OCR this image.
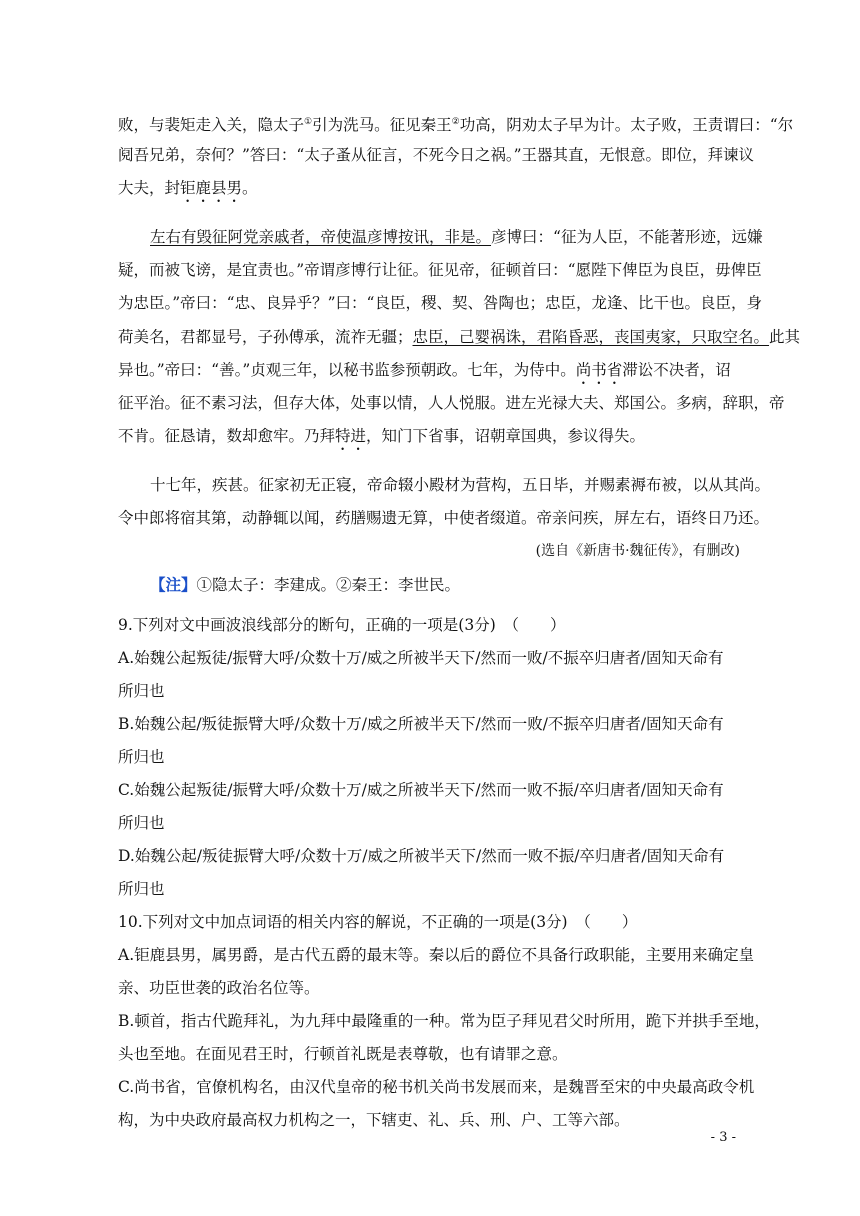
败，与裴矩走入关，隐太子①引为洗马。征见秦王②功高，阴劝太子早为计。太子败，王责谓曰：“尔
阋吾兄弟，奈何？”答曰：“太子蚤从征言，不死今日之祸。”王器其直，无恨意。即位，拜谏议
大夫，封钜鹿县男。
左右有毁征阿党亲戚者，帝使温彦博按讯，非是。彦博曰：“征为人臣，不能著形迹，远嫌
疑，而被飞谤，是宜责也。”帝谓彦博行让征。征见帝，征顿首曰：“愿陛下俾臣为良臣，毋俾臣
为忠臣。”帝曰：“忠、良异乎？”曰：“良臣，稷、契、咎陶也；忠臣，龙逢、比干也。良臣，身
荷美名，君都显号，子孙傅承，流祚无疆；忠臣，己婴祸诛，君陷昏恶，丧国夷家，只取空名。此其
异也。”帝曰：“善。”贞观三年，以秘书监参预朝政。七年，为侍中。尚书省滞讼不决者，诏
征平治。征不素习法，但存大体，处事以情，人人悦服。进左光禄大夫、郑国公。多病，辞职，帝
不肯。征恳请，数却愈牢。乃拜特进，知门下省事，诏朝章国典，参议得失。
十七年，疾甚。征家初无正寝，帝命辍小殿材为营构，五日毕，并赐素褥布被，以从其尚。
令中郎将宿其第，动静辄以闻，药膳赐遗无算，中使者缀道。帝亲问疾，屏左右，语终日乃还。
(选自《新唐书·魏征传》，有删改)
【注】①隐太子：李建成。②秦王：李世民。
9.下列对文中画波浪线部分的断句，正确的一项是(3分)　（　　）
A.始魏公起叛徒/振臂大呼/众数十万/威之所被半天下/然而一败/不振卒归唐者/固知天命有
所归也
B.始魏公起/叛徒振臂大呼/众数十万/威之所被半天下/然而一败/不振卒归唐者/固知天命有
所归也
C.始魏公起叛徒/振臂大呼/众数十万/威之所被半天下/然而一败不振/卒归唐者/固知天命有
所归也
D.始魏公起/叛徒振臂大呼/众数十万/威之所被半天下/然而一败不振/卒归唐者/固知天命有
所归也
10.下列对文中加点词语的相关内容的解说，不正确的一项是(3分)　（　　）
A.钜鹿县男，属男爵，是古代五爵的最末等。秦以后的爵位不具备行政职能，主要用来确定皇
亲、功臣世袭的政治名位等。
B.顿首，指古代跪拜礼，为九拜中最隆重的一种。常为臣子拜见君父时所用，跪下并拱手至地，
头也至地。在面见君王时，行顿首礼既是表尊敬，也有请罪之意。
C.尚书省，官僚机构名，由汉代皇帝的秘书机关尚书发展而来，是魏晋至宋的中央最高政令机
构，为中央政府最高权力机构之一，下辖吏、礼、兵、刑、户、工等六部。
- 3 -
